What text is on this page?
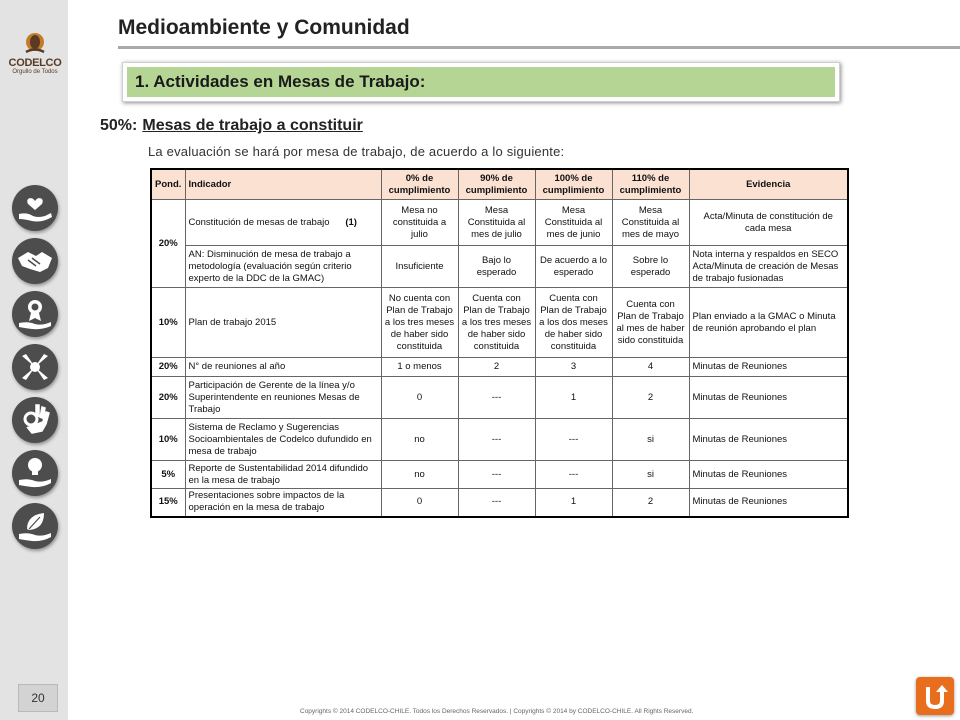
CODELCO
Orgullo de Todos
20
Medioambiente y Comunidad
1. Actividades en Mesas de Trabajo:
50%: Mesas de trabajo a constituir
La evaluación se hará por mesa de trabajo, de acuerdo a lo siguiente:
Pond.	Indicador	0% de cumplimiento	90% de cumplimiento	100% de cumplimiento	110% de cumplimiento	Evidencia
20%	Constitución de mesas de trabajo (1)	Mesa no constituida a julio	Mesa Constituida al mes de julio	Mesa Constituida al mes de junio	Mesa Constituida al mes de mayo	Acta/Minuta de constitución de cada mesa
	AN: Disminución de mesa de trabajo a metodología (evaluación según criterio experto de la DDC de la GMAC)	Insuficiente	Bajo lo esperado	De acuerdo a lo esperado	Sobre lo esperado	Nota interna y respaldos en SECO Acta/Minuta de creación de Mesas de trabajo fusionadas
10%	Plan de trabajo 2015	No cuenta con Plan de Trabajo a los tres meses de haber sido constituida	Cuenta con Plan de Trabajo a los tres meses de haber sido constituida	Cuenta con Plan de Trabajo a los dos meses de haber sido constituida	Cuenta con Plan de Trabajo al mes de haber sido constituida	Plan enviado a la GMAC o Minuta de reunión aprobando el plan
20%	N° de reuniones al año	1 o menos	2	3	4	Minutas de Reuniones
20%	Participación de Gerente de la línea y/o Superintendente en reuniones Mesas de Trabajo	0	---	1	2	Minutas de Reuniones
10%	Sistema de Reclamo y Sugerencias Socioambientales de Codelco dufundido en mesa de trabajo	no	---	---	si	Minutas de Reuniones
5%	Reporte de Sustentabilidad 2014 difundido en la mesa de trabajo	no	---	---	si	Minutas de Reuniones
15%	Presentaciones sobre impactos de la operación en la mesa de trabajo	0	---	1	2	Minutas de Reuniones
Copyrights © 2014 CODELCO-CHILE. Todos los Derechos Reservados. | Copyrights © 2014 by CODELCO-CHILE. All Rights Reserved.
